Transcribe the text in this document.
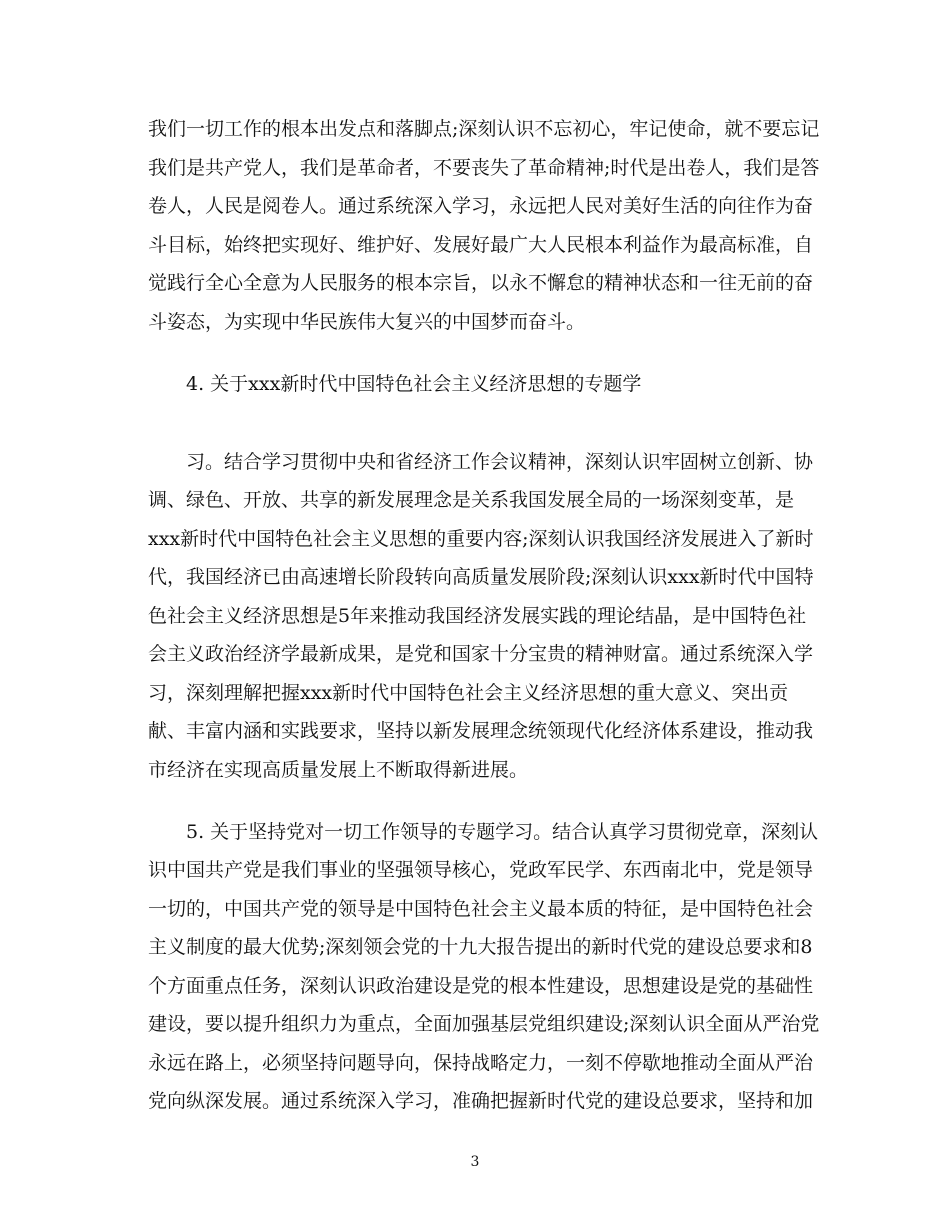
我们一切工作的根本出发点和落脚点;深刻认识不忘初心，牢记使命，就不要忘记
我们是共产党人，我们是革命者，不要丧失了革命精神;时代是出卷人，我们是答
卷人，人民是阅卷人。通过系统深入学习，永远把人民对美好生活的向往作为奋
斗目标，始终把实现好、维护好、发展好最广大人民根本利益作为最高标准，自
觉践行全心全意为人民服务的根本宗旨，以永不懈怠的精神状态和一往无前的奋
斗姿态，为实现中华民族伟大复兴的中国梦而奋斗。
4. 关于xxx新时代中国特色社会主义经济思想的专题学
习。结合学习贯彻中央和省经济工作会议精神，深刻认识牢固树立创新、协
调、绿色、开放、共享的新发展理念是关系我国发展全局的一场深刻变革，是
xxx新时代中国特色社会主义思想的重要内容;深刻认识我国经济发展进入了新时
代，我国经济已由高速增长阶段转向高质量发展阶段;深刻认识xxx新时代中国特
色社会主义经济思想是5年来推动我国经济发展实践的理论结晶，是中国特色社
会主义政治经济学最新成果，是党和国家十分宝贵的精神财富。通过系统深入学
习，深刻理解把握xxx新时代中国特色社会主义经济思想的重大意义、突出贡
献、丰富内涵和实践要求，坚持以新发展理念统领现代化经济体系建设，推动我
市经济在实现高质量发展上不断取得新进展。
5. 关于坚持党对一切工作领导的专题学习。结合认真学习贯彻党章，深刻认
识中国共产党是我们事业的坚强领导核心，党政军民学、东西南北中，党是领导
一切的，中国共产党的领导是中国特色社会主义最本质的特征，是中国特色社会
主义制度的最大优势;深刻领会党的十九大报告提出的新时代党的建设总要求和8
个方面重点任务，深刻认识政治建设是党的根本性建设，思想建设是党的基础性
建设，要以提升组织力为重点，全面加强基层党组织建设;深刻认识全面从严治党
永远在路上，必须坚持问题导向，保持战略定力，一刻不停歇地推动全面从严治
党向纵深发展。通过系统深入学习，准确把握新时代党的建设总要求，坚持和加
3
